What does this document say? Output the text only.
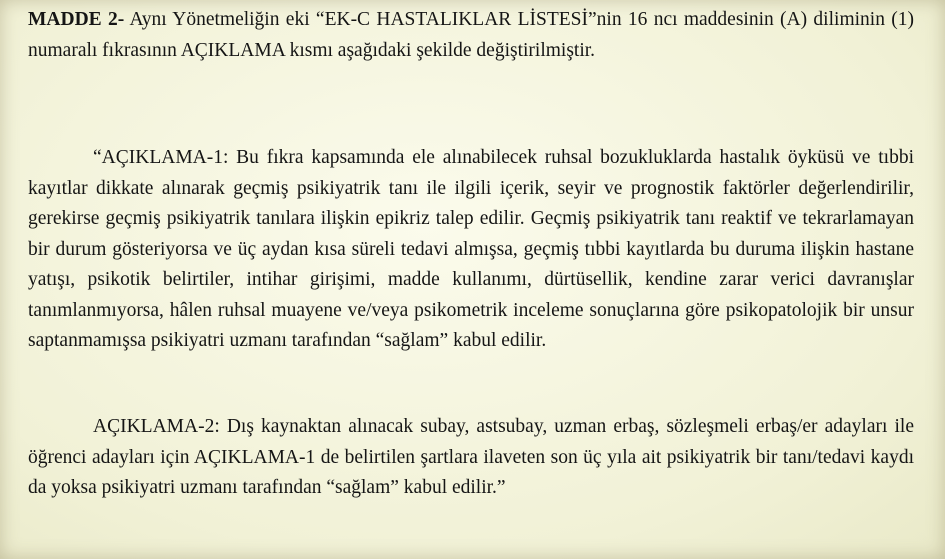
MADDE 2- Aynı Yönetmeliğin eki “EK-C HASTALIKLAR LİSTESİ”nin 16 ncı maddesinin (A) diliminin (1) numaralı fıkrasının AÇIKLAMA kısmı aşağıdaki şekilde değiştirilmiştir.

“AÇIKLAMA-1: Bu fıkra kapsamında ele alınabilecek ruhsal bozukluklarda hastalık öyküsü ve tıbbi kayıtlar dikkate alınarak geçmiş psikiyatrik tanı ile ilgili içerik, seyir ve prognostik faktörler değerlendirilir, gerekirse geçmiş psikiyatrik tanılara ilişkin epikriz talep edilir. Geçmiş psikiyatrik tanı reaktif ve tekrarlamayan bir durum gösteriyorsa ve üç aydan kısa süreli tedavi almışsa, geçmiş tıbbi kayıtlarda bu duruma ilişkin hastane yatışı, psikotik belirtiler, intihar girişimi, madde kullanımı, dürtüsellik, kendine zarar verici davranışlar tanımlanmıyorsa, hâlen ruhsal muayene ve/veya psikometrik inceleme sonuçlarına göre psikopatolojik bir unsur saptanmamışsa psikiyatri uzmanı tarafından “sağlam” kabul edilir.

AÇIKLAMA-2: Dış kaynaktan alınacak subay, astsubay, uzman erbaş, sözleşmeli erbaş/er adayları ile öğrenci adayları için AÇIKLAMA-1 de belirtilen şartlara ilaveten son üç yıla ait psikiyatrik bir tanı/tedavi kaydı da yoksa psikiyatri uzmanı tarafından “sağlam” kabul edilir.”
